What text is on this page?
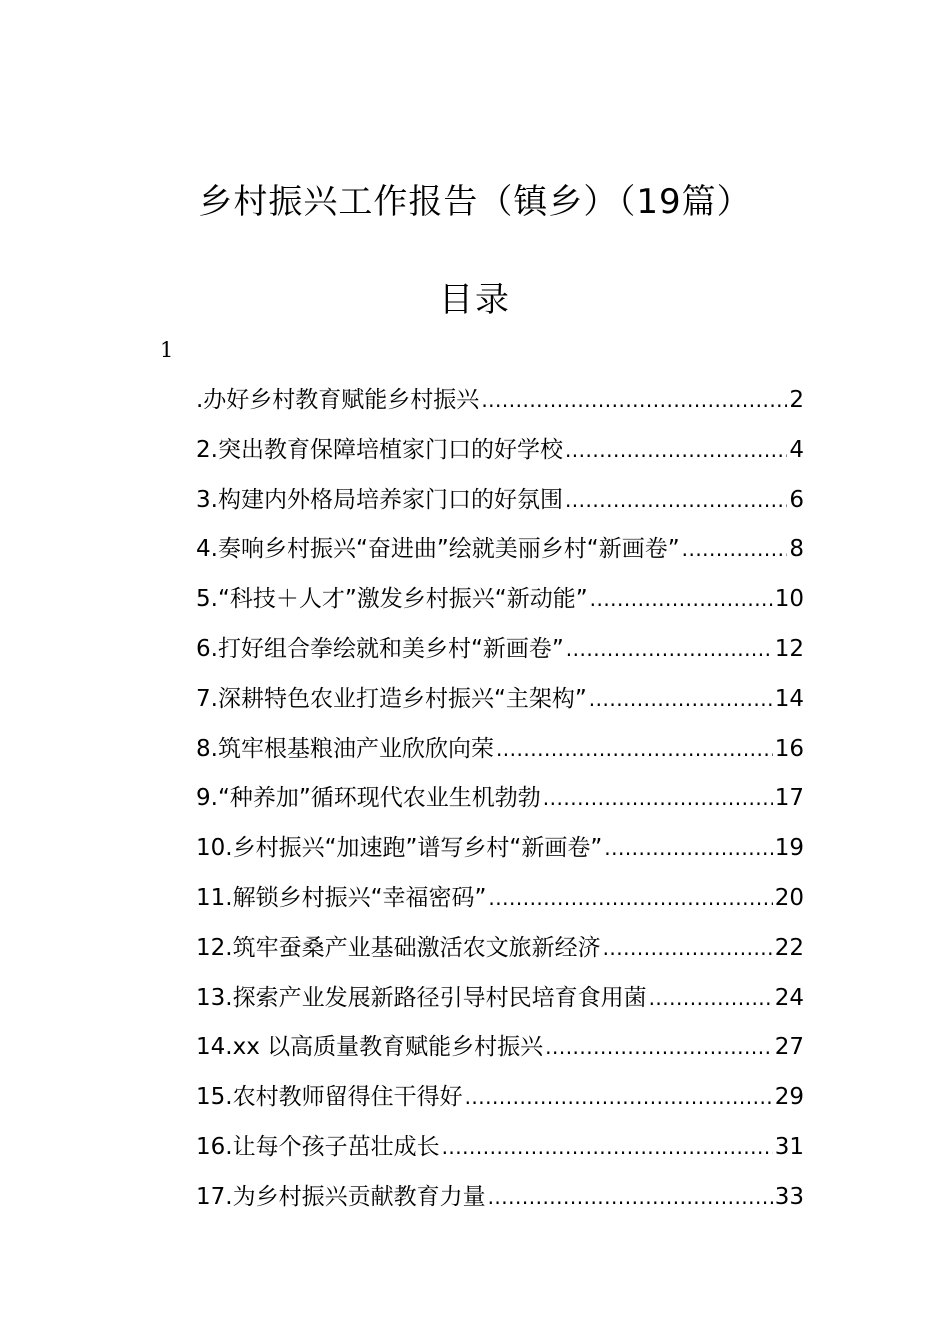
乡村振兴工作报告（镇乡）（19篇）
目录
1
.办好乡村教育赋能乡村振兴 .....	2
2.突出教育保障培植家门口的好学校 .....	4
3.构建内外格局培养家门口的好氛围 .....	6
4.奏响乡村振兴“奋进曲”绘就美丽乡村“新画卷” .....	8
5.“科技＋人才”激发乡村振兴“新动能” .....	10
6.打好组合拳绘就和美乡村“新画卷” .....	12
7.深耕特色农业打造乡村振兴“主架构” .....	14
8.筑牢根基粮油产业欣欣向荣 .....	16
9.“种养加”循环现代农业生机勃勃 .....	17
10.乡村振兴“加速跑”谱写乡村“新画卷” .....	19
11.解锁乡村振兴“幸福密码” .....	20
12.筑牢蚕桑产业基础激活农文旅新经济 .....	22
13.探索产业发展新路径引导村民培育食用菌 .....	24
14.xx 以高质量教育赋能乡村振兴 .....	27
15.农村教师留得住干得好 .....	29
16.让每个孩子茁壮成长 .....	31
17.为乡村振兴贡献教育力量 .....	33
